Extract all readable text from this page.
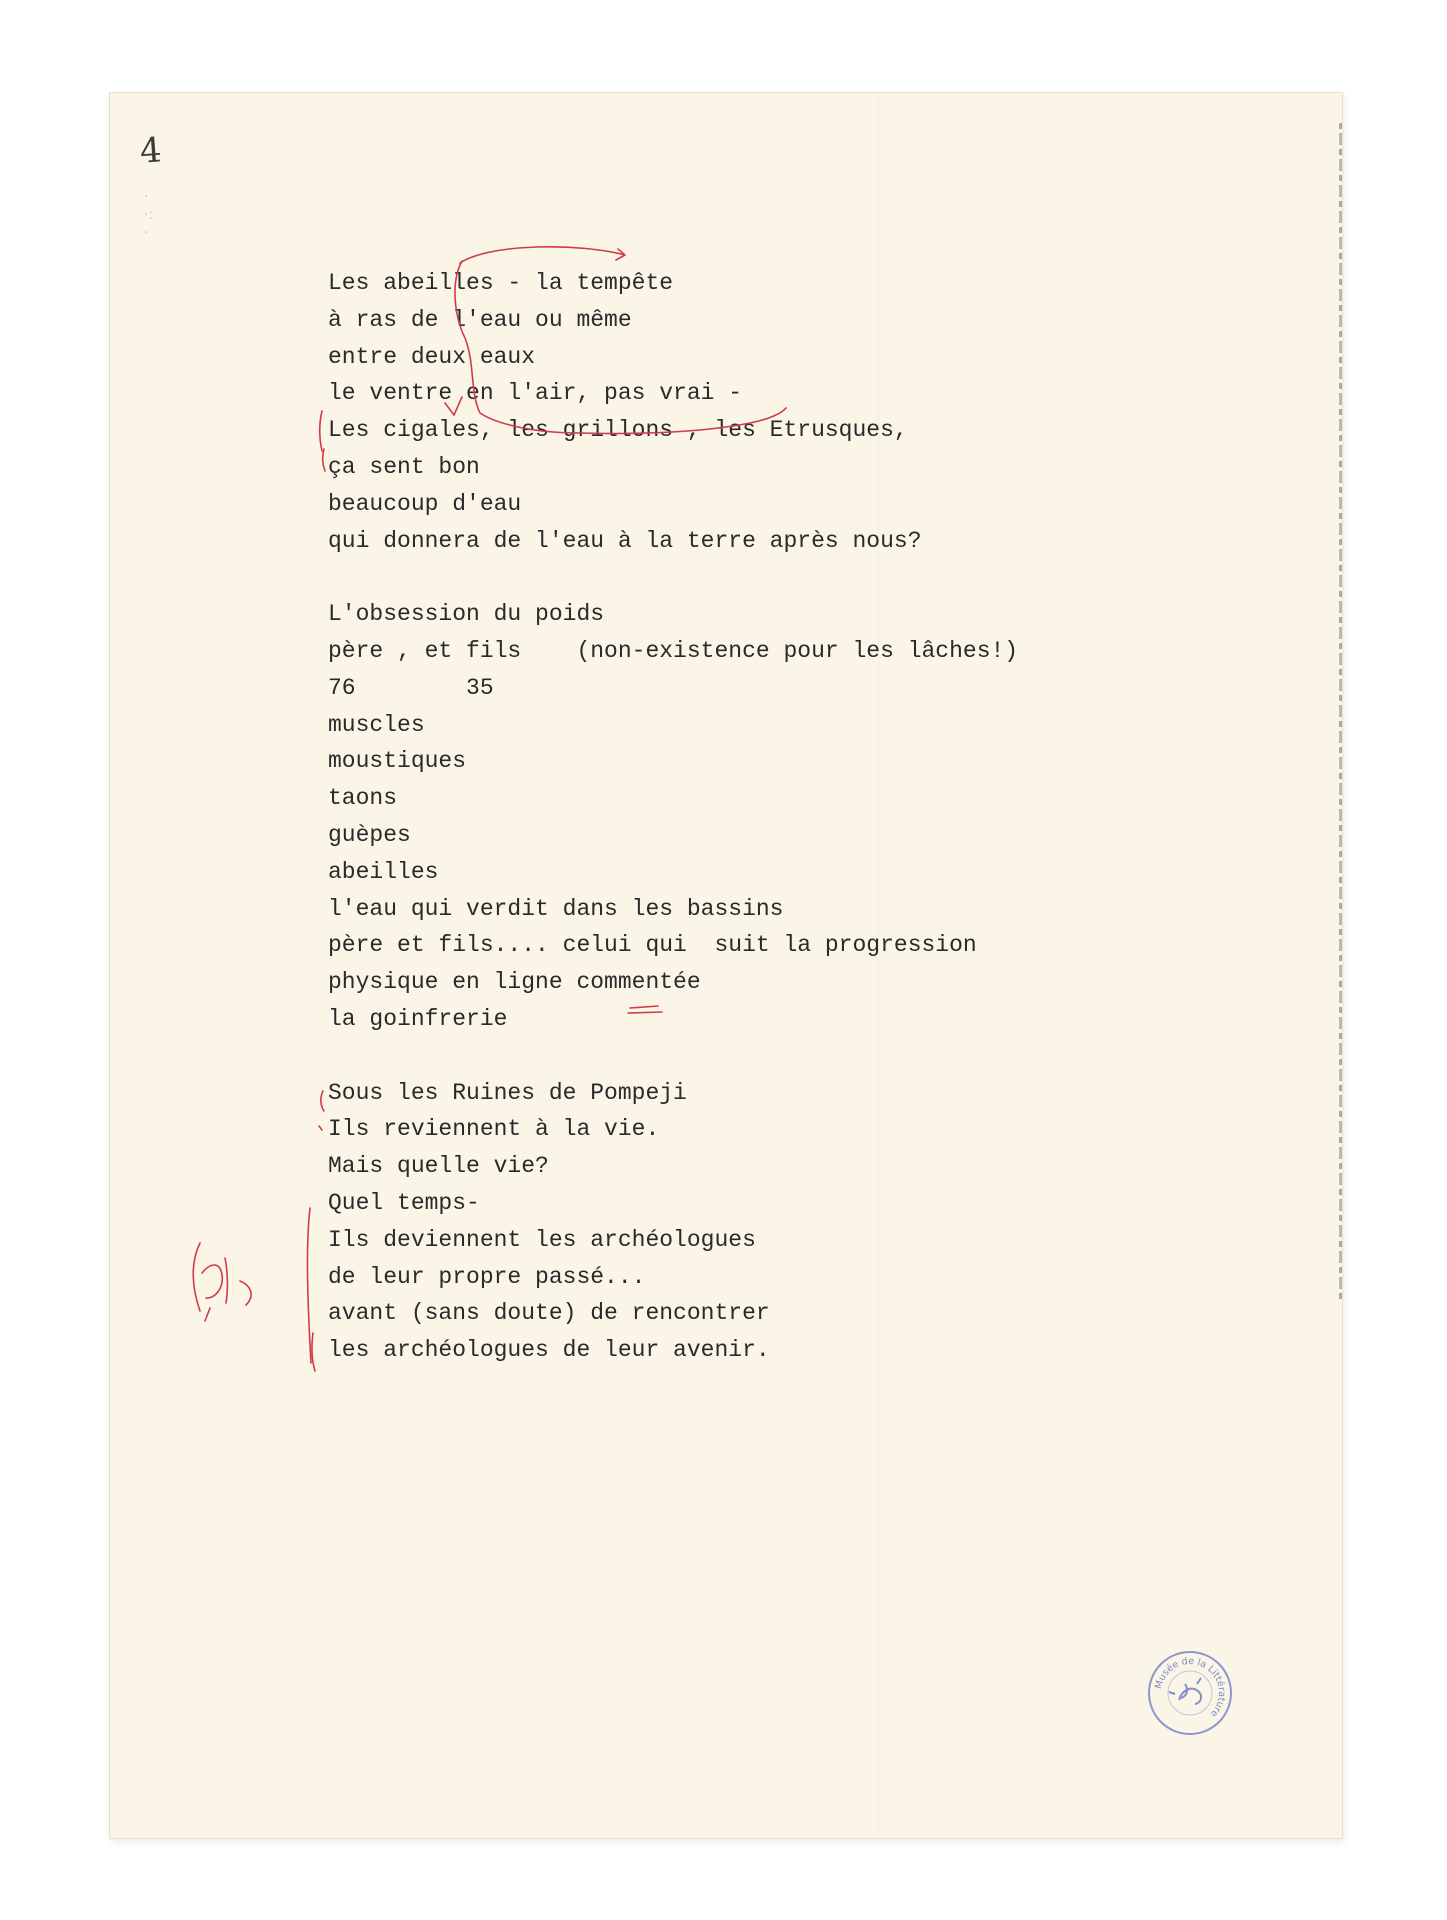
4
·
·:
·
Les abeilles - la tempête
à ras de l'eau ou même
entre deux eaux
le ventre en l'air, pas vrai -
Les cigales, les grillons , les Etrusques,
ça sent bon
beaucoup d'eau
qui donnera de l'eau à la terre après nous?
L'obsession du poids
père , et fils    (non-existence pour les lâches!)
76        35
muscles
moustiques
taons
guèpes
abeilles
l'eau qui verdit dans les bassins
père et fils.... celui qui  suit la progression
physique en ligne commentée
la goinfrerie
Sous les Ruines de Pompeji
Ils reviennent à la vie.
Mais quelle vie?
Quel temps-
Ils deviennent les archéologues
de leur propre passé...
avant (sans doute) de rencontrer
les archéologues de leur avenir.
Musée de la Littérature
